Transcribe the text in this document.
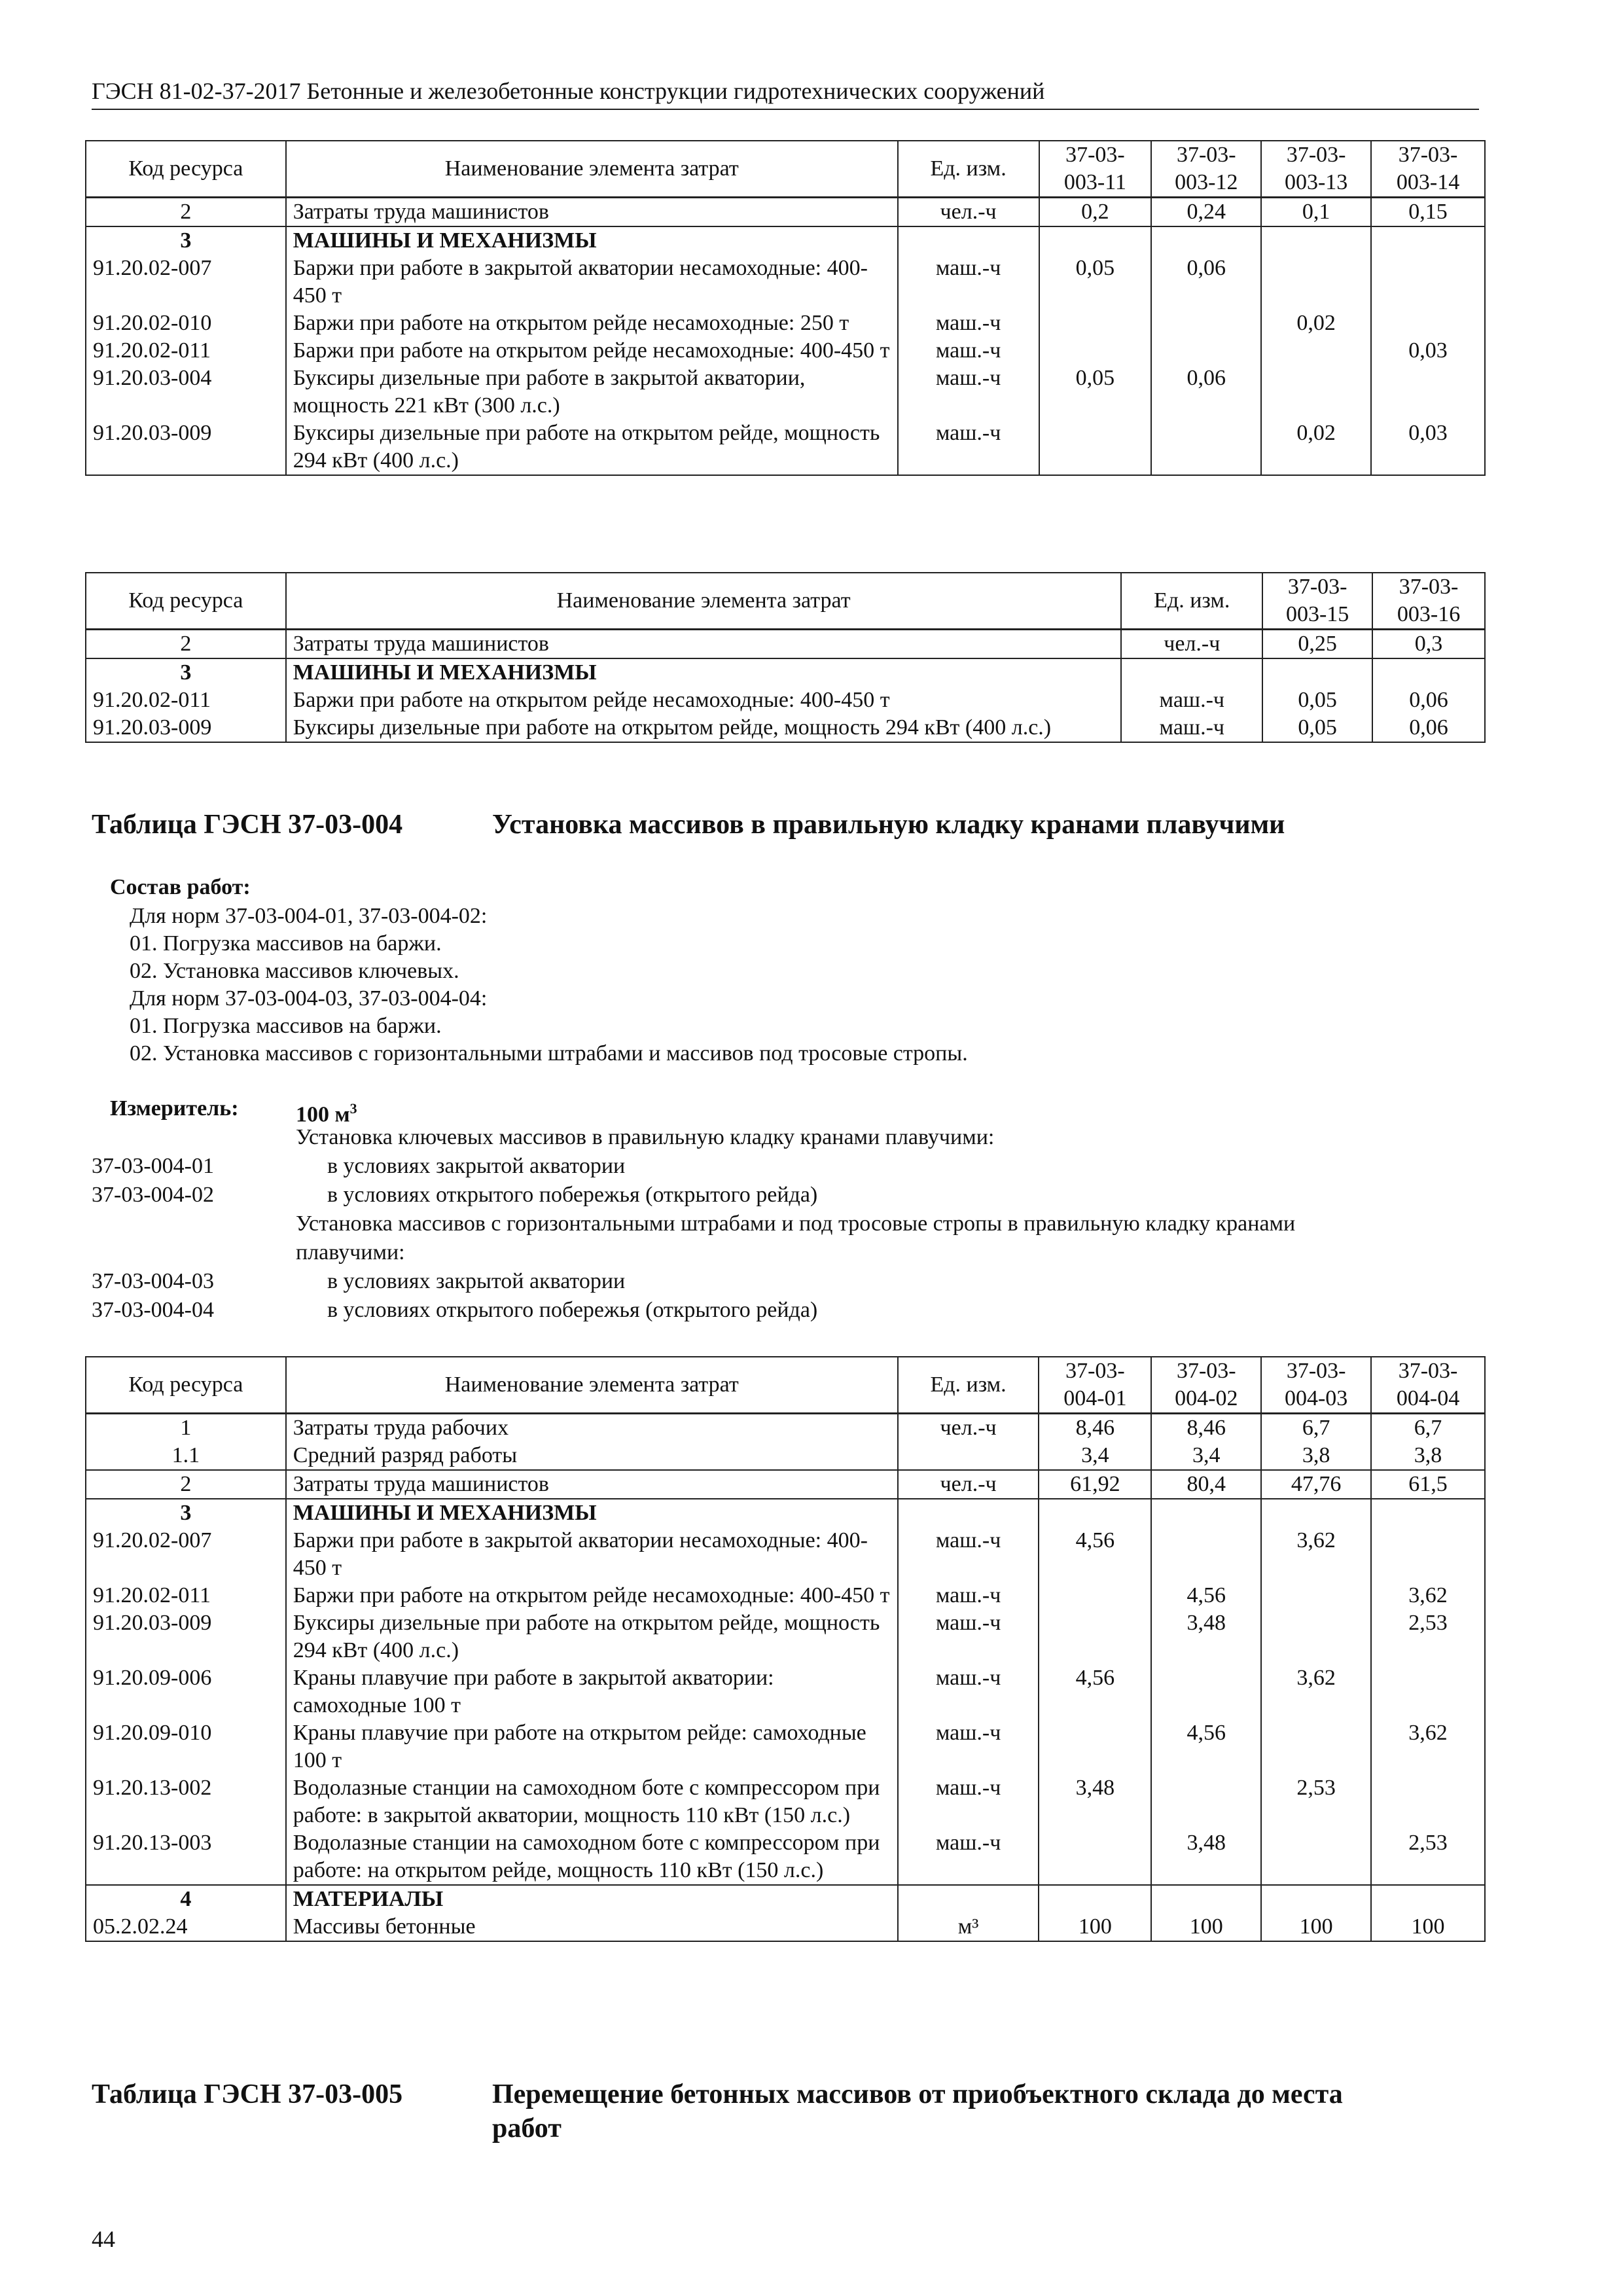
ГЭСН 81-02-37-2017 Бетонные и железобетонные конструкции гидротехнических сооружений
Код ресурса	Наименование элемента затрат	Ед. изм.	37-03-003-11	37-03-003-12	37-03-003-13	37-03-003-14
2	Затраты труда машинистов	чел.-ч	0,2	0,24	0,1	0,15
3	МАШИНЫ И МЕХАНИЗМЫ					
91.20.02-007	Баржи при работе в закрытой акватории несамоходные: 400-450 т	маш.-ч	0,05	0,06		
91.20.02-010	Баржи при работе на открытом рейде несамоходные: 250 т	маш.-ч			0,02	
91.20.02-011	Баржи при работе на открытом рейде несамоходные: 400-450 т	маш.-ч				0,03
91.20.03-004	Буксиры дизельные при работе в закрытой акватории, мощность 221 кВт (300 л.с.)	маш.-ч	0,05	0,06		
91.20.03-009	Буксиры дизельные при работе на открытом рейде, мощность 294 кВт (400 л.с.)	маш.-ч			0,02	0,03
Код ресурса	Наименование элемента затрат	Ед. изм.	37-03-003-15	37-03-003-16
2	Затраты труда машинистов	чел.-ч	0,25	0,3
3	МАШИНЫ И МЕХАНИЗМЫ			
91.20.02-011	Баржи при работе на открытом рейде несамоходные: 400-450 т	маш.-ч	0,05	0,06
91.20.03-009	Буксиры дизельные при работе на открытом рейде, мощность 294 кВт (400 л.с.)	маш.-ч	0,05	0,06
Таблица ГЭСН 37-03-004	Установка массивов в правильную кладку кранами плавучими
Состав работ:
Для норм 37-03-004-01, 37-03-004-02:
01. Погрузка массивов на баржи.
02. Установка массивов ключевых.
Для норм 37-03-004-03, 37-03-004-04:
01. Погрузка массивов на баржи.
02. Установка массивов с горизонтальными штрабами и массивов под тросовые стропы.
Измеритель:	100 $м^3$
Установка ключевых массивов в правильную кладку кранами плавучими:
37-03-004-01	в условиях закрытой акватории
37-03-004-02	в условиях открытого побережья (открытого рейда)
Установка массивов с горизонтальными штрабами и под тросовые стропы в правильную кладку кранами
плавучими:
37-03-004-03	в условиях закрытой акватории
37-03-004-04	в условиях открытого побережья (открытого рейда)
Код ресурса	Наименование элемента затрат	Ед. изм.	37-03-004-01	37-03-004-02	37-03-004-03	37-03-004-04
1	Затраты труда рабочих	чел.-ч	8,46	8,46	6,7	6,7
1.1	Средний разряд работы		3,4	3,4	3,8	3,8
2	Затраты труда машинистов	чел.-ч	61,92	80,4	47,76	61,5
3	МАШИНЫ И МЕХАНИЗМЫ					
91.20.02-007	Баржи при работе в закрытой акватории несамоходные: 400-450 т	маш.-ч	4,56		3,62	
91.20.02-011	Баржи при работе на открытом рейде несамоходные: 400-450 т	маш.-ч		4,56		3,62
91.20.03-009	Буксиры дизельные при работе на открытом рейде, мощность 294 кВт (400 л.с.)	маш.-ч		3,48		2,53
91.20.09-006	Краны плавучие при работе в закрытой акватории: самоходные 100 т	маш.-ч	4,56		3,62	
91.20.09-010	Краны плавучие при работе на открытом рейде: самоходные 100 т	маш.-ч		4,56		3,62
91.20.13-002	Водолазные станции на самоходном боте с компрессором при работе: в закрытой акватории, мощность 110 кВт (150 л.с.)	маш.-ч	3,48		2,53	
91.20.13-003	Водолазные станции на самоходном боте с компрессором при работе: на открытом рейде, мощность 110 кВт (150 л.с.)	маш.-ч		3,48		2,53
4	МАТЕРИАЛЫ					
05.2.02.24	Массивы бетонные	м³	100	100	100	100
Таблица ГЭСН 37-03-005	Перемещение бетонных массивов от приобъектного склада до места
работ
44
